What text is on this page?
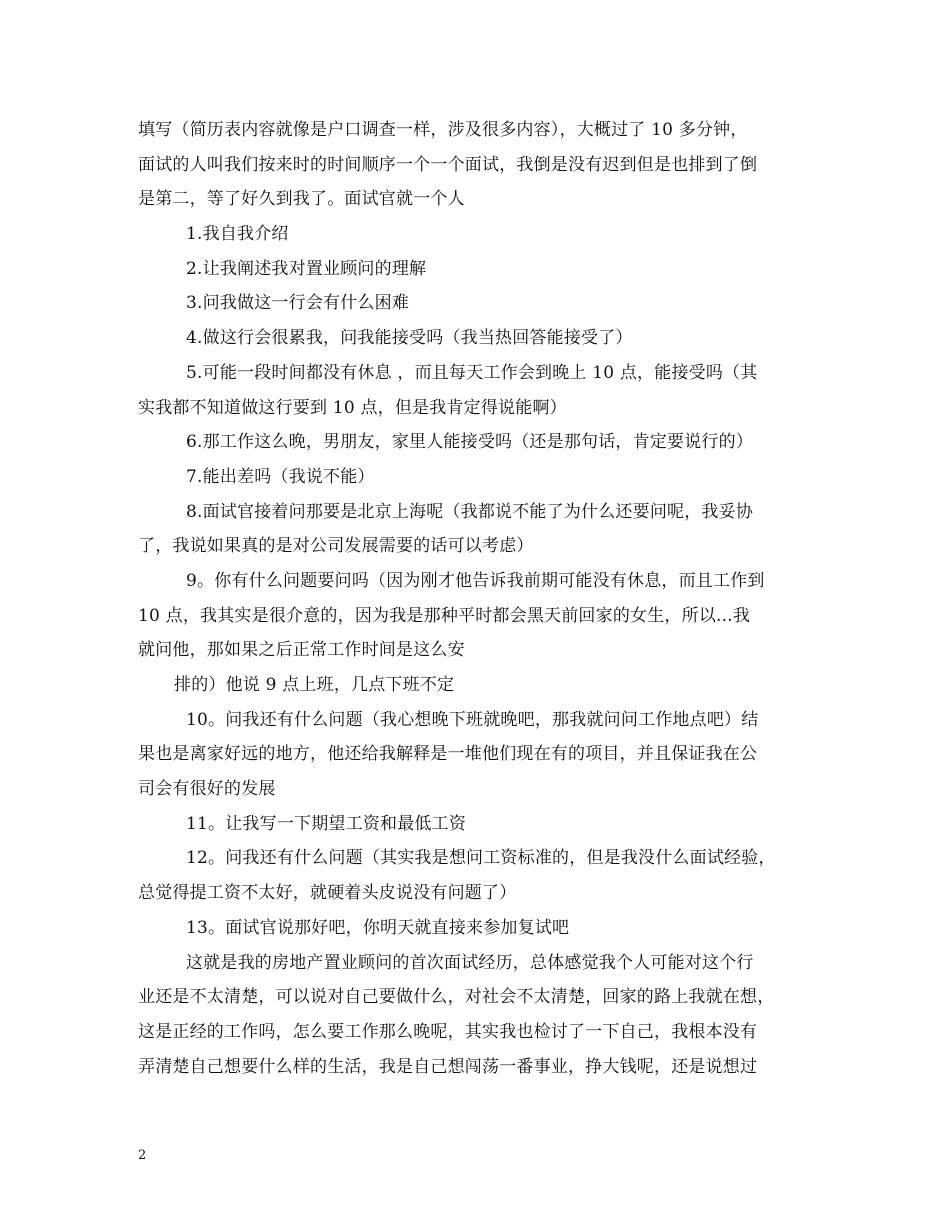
填写（简历表内容就像是户口调查一样，涉及很多内容），大概过了 10 多分钟，
面试的人叫我们按来时的时间顺序一个一个面试，我倒是没有迟到但是也排到了倒
是第二，等了好久到我了。面试官就一个人
1.我自我介绍
2.让我阐述我对置业顾问的理解
3.问我做这一行会有什么困难
4.做这行会很累我，问我能接受吗（我当热回答能接受了）
5.可能一段时间都没有休息 ，而且每天工作会到晚上 10 点，能接受吗（其
实我都不知道做这行要到 10 点，但是我肯定得说能啊）
6.那工作这么晚，男朋友，家里人能接受吗（还是那句话，肯定要说行的）
7.能出差吗（我说不能）
8.面试官接着问那要是北京上海呢（我都说不能了为什么还要问呢，我妥协
了，我说如果真的是对公司发展需要的话可以考虑）
9。你有什么问题要问吗（因为刚才他告诉我前期可能没有休息，而且工作到
10 点，我其实是很介意的，因为我是那种平时都会黑天前回家的女生，所以...我
就问他，那如果之后正常工作时间是这么安
排的）他说 9 点上班，几点下班不定
10。问我还有什么问题（我心想晚下班就晚吧，那我就问问工作地点吧）结
果也是离家好远的地方，他还给我解释是一堆他们现在有的项目，并且保证我在公
司会有很好的发展
11。让我写一下期望工资和最低工资
12。问我还有什么问题（其实我是想问工资标准的，但是我没什么面试经验，
总觉得提工资不太好，就硬着头皮说没有问题了）
13。面试官说那好吧，你明天就直接来参加复试吧
这就是我的房地产置业顾问的首次面试经历，总体感觉我个人可能对这个行
业还是不太清楚，可以说对自己要做什么，对社会不太清楚，回家的路上我就在想，
这是正经的工作吗，怎么要工作那么晚呢，其实我也检讨了一下自己，我根本没有
弄清楚自己想要什么样的生活，我是自己想闯荡一番事业，挣大钱呢，还是说想过
2
